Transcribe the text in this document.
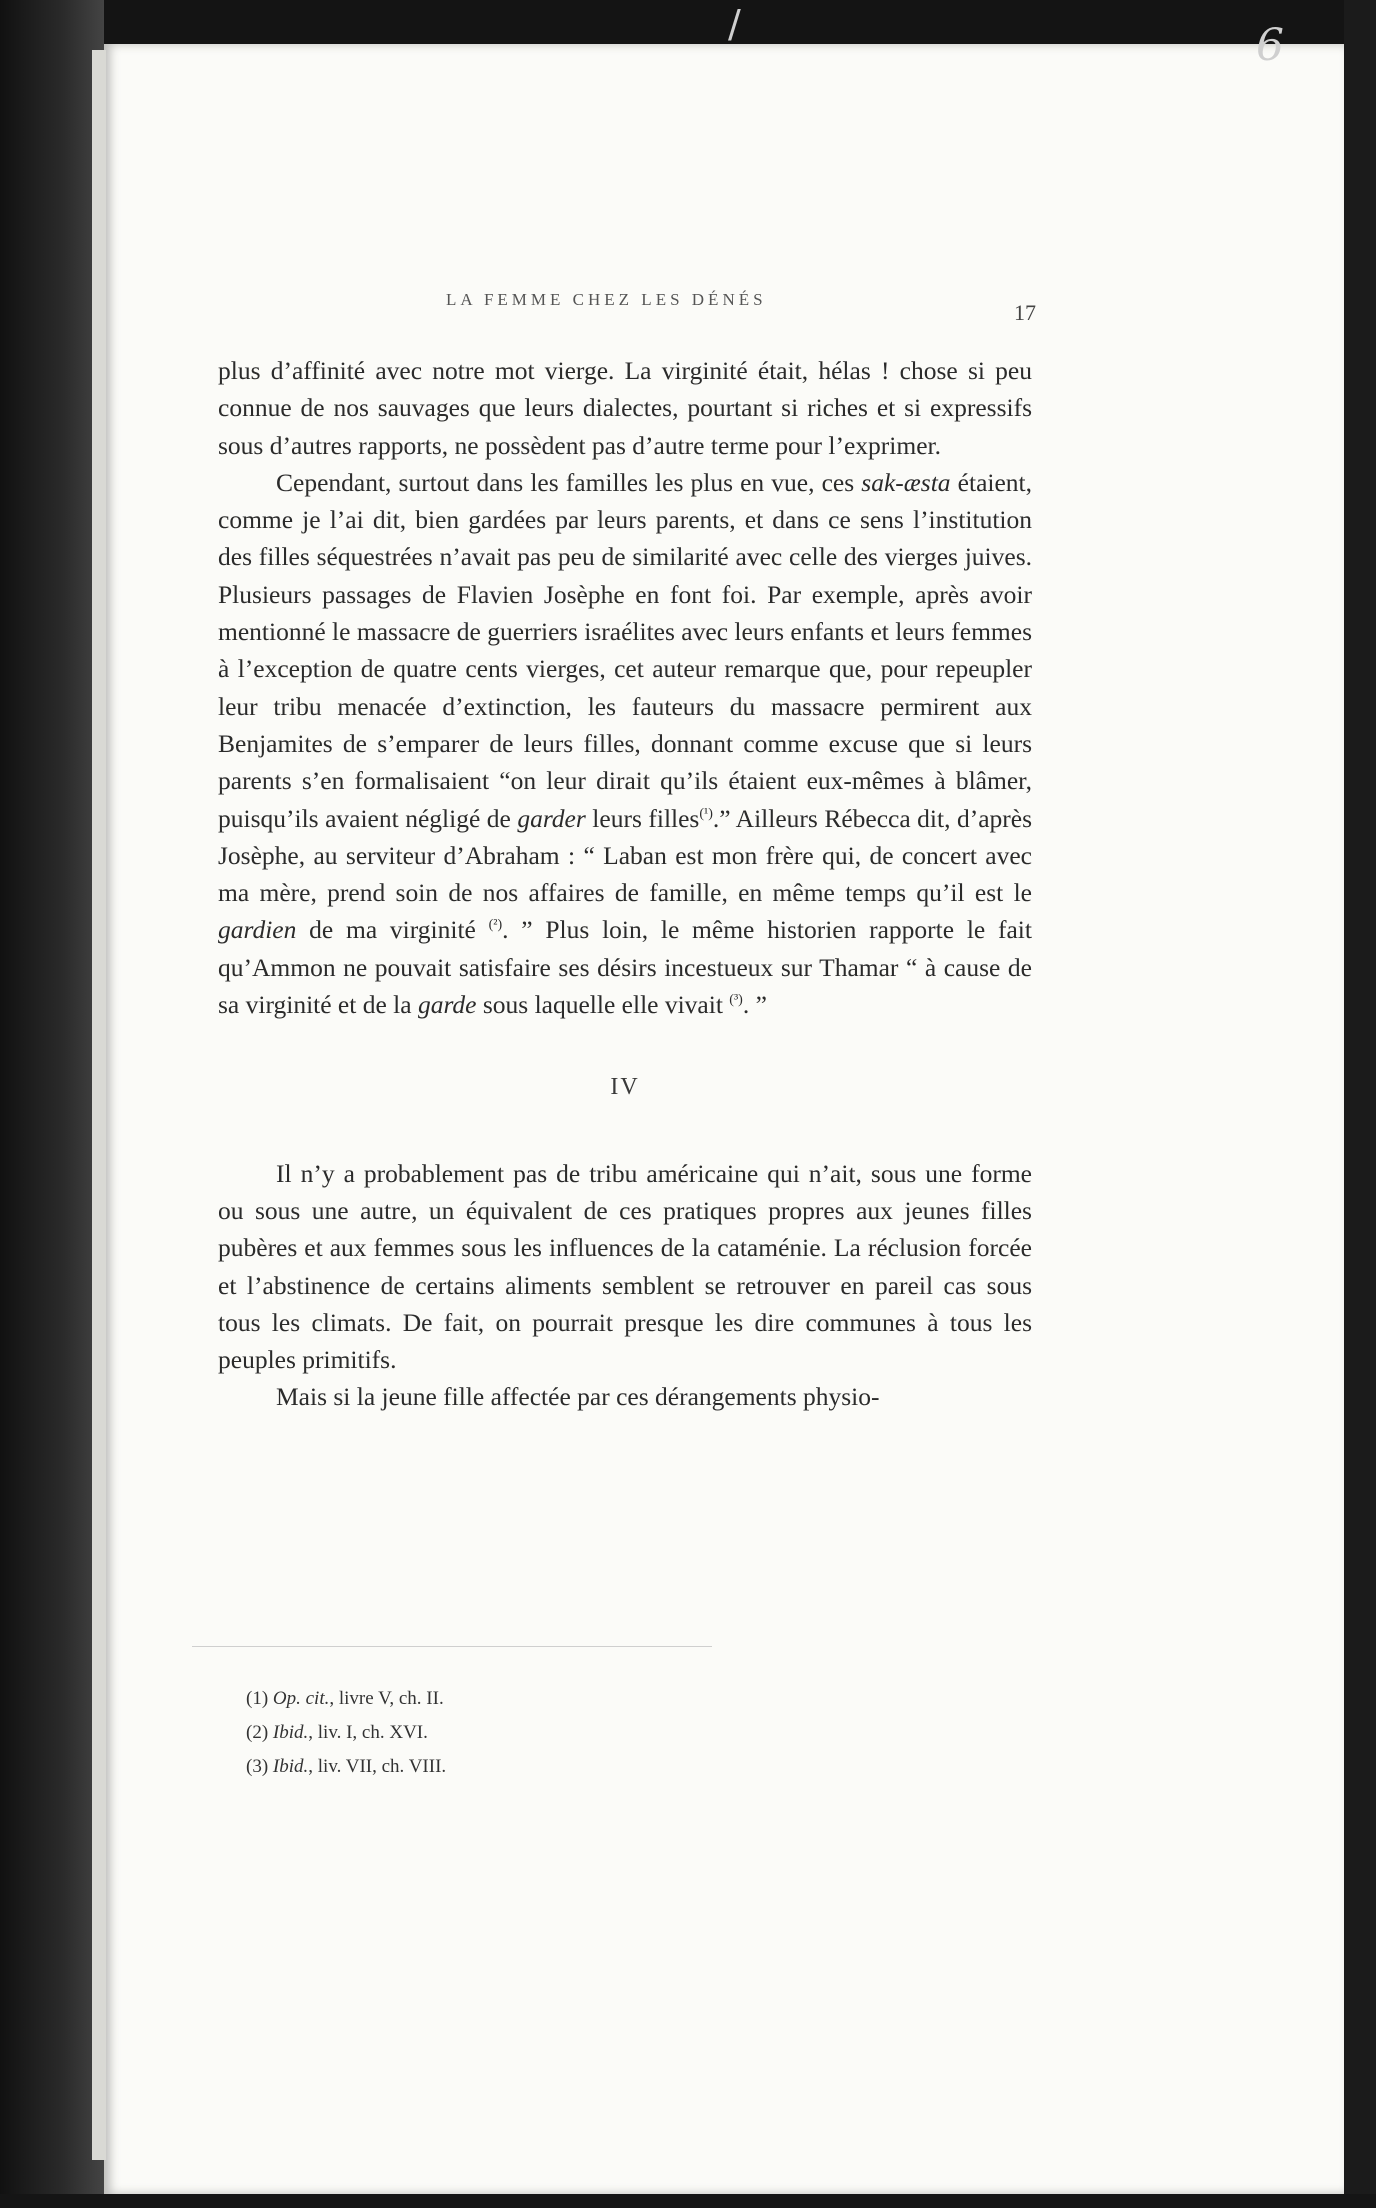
/	6
LA FEMME CHEZ LES DÉNÉS
17

plus d’affinité avec notre mot vierge. La virginité était, hélas ! chose si peu connue de nos sauvages que leurs dialectes, pourtant si riches et si expressifs sous d’autres rapports, ne possèdent pas d’autre terme pour l’exprimer.

Cependant, surtout dans les familles les plus en vue, ces sak-æsta étaient, comme je l’ai dit, bien gardées par leurs parents, et dans ce sens l’institution des filles séquestrées n’avait pas peu de similarité avec celle des vierges juives. Plusieurs passages de Flavien Josèphe en font foi. Par exemple, après avoir mentionné le massacre de guerriers israélites avec leurs enfants et leurs femmes à l’exception de quatre cents vierges, cet auteur remarque que, pour repeupler leur tribu menacée d’extinction, les fauteurs du massacre permirent aux Benjamites de s’emparer de leurs filles, donnant comme excuse que si leurs parents s’en formalisaient “on leur dirait qu’ils étaient eux-mêmes à blâmer, puisqu’ils avaient négligé de garder leurs filles$^{(^1)}$.” Ailleurs Rébecca dit, d’après Josèphe, au serviteur d’Abraham : “ Laban est mon frère qui, de concert avec ma mère, prend soin de nos affaires de famille, en même temps qu’il est le gardien de ma virginité $^{(^2)}$. ” Plus loin, le même historien rapporte le fait qu’Ammon ne pouvait satisfaire ses désirs incestueux sur Thamar “ à cause de sa virginité et de la garde sous laquelle elle vivait $^{(^3)}$. ”

IV

Il n’y a probablement pas de tribu américaine qui n’ait, sous une forme ou sous une autre, un équivalent de ces pratiques propres aux jeunes filles pubères et aux femmes sous les influences de la cataménie. La réclusion forcée et l’abstinence de certains aliments semblent se retrouver en pareil cas sous tous les climats. De fait, on pourrait presque les dire communes à tous les peuples primitifs.

Mais si la jeune fille affectée par ces dérangements physio-

(1) Op. cit., livre V, ch. II.
(2) Ibid., liv. I, ch. XVI.
(3) Ibid., liv. VII, ch. VIII.
